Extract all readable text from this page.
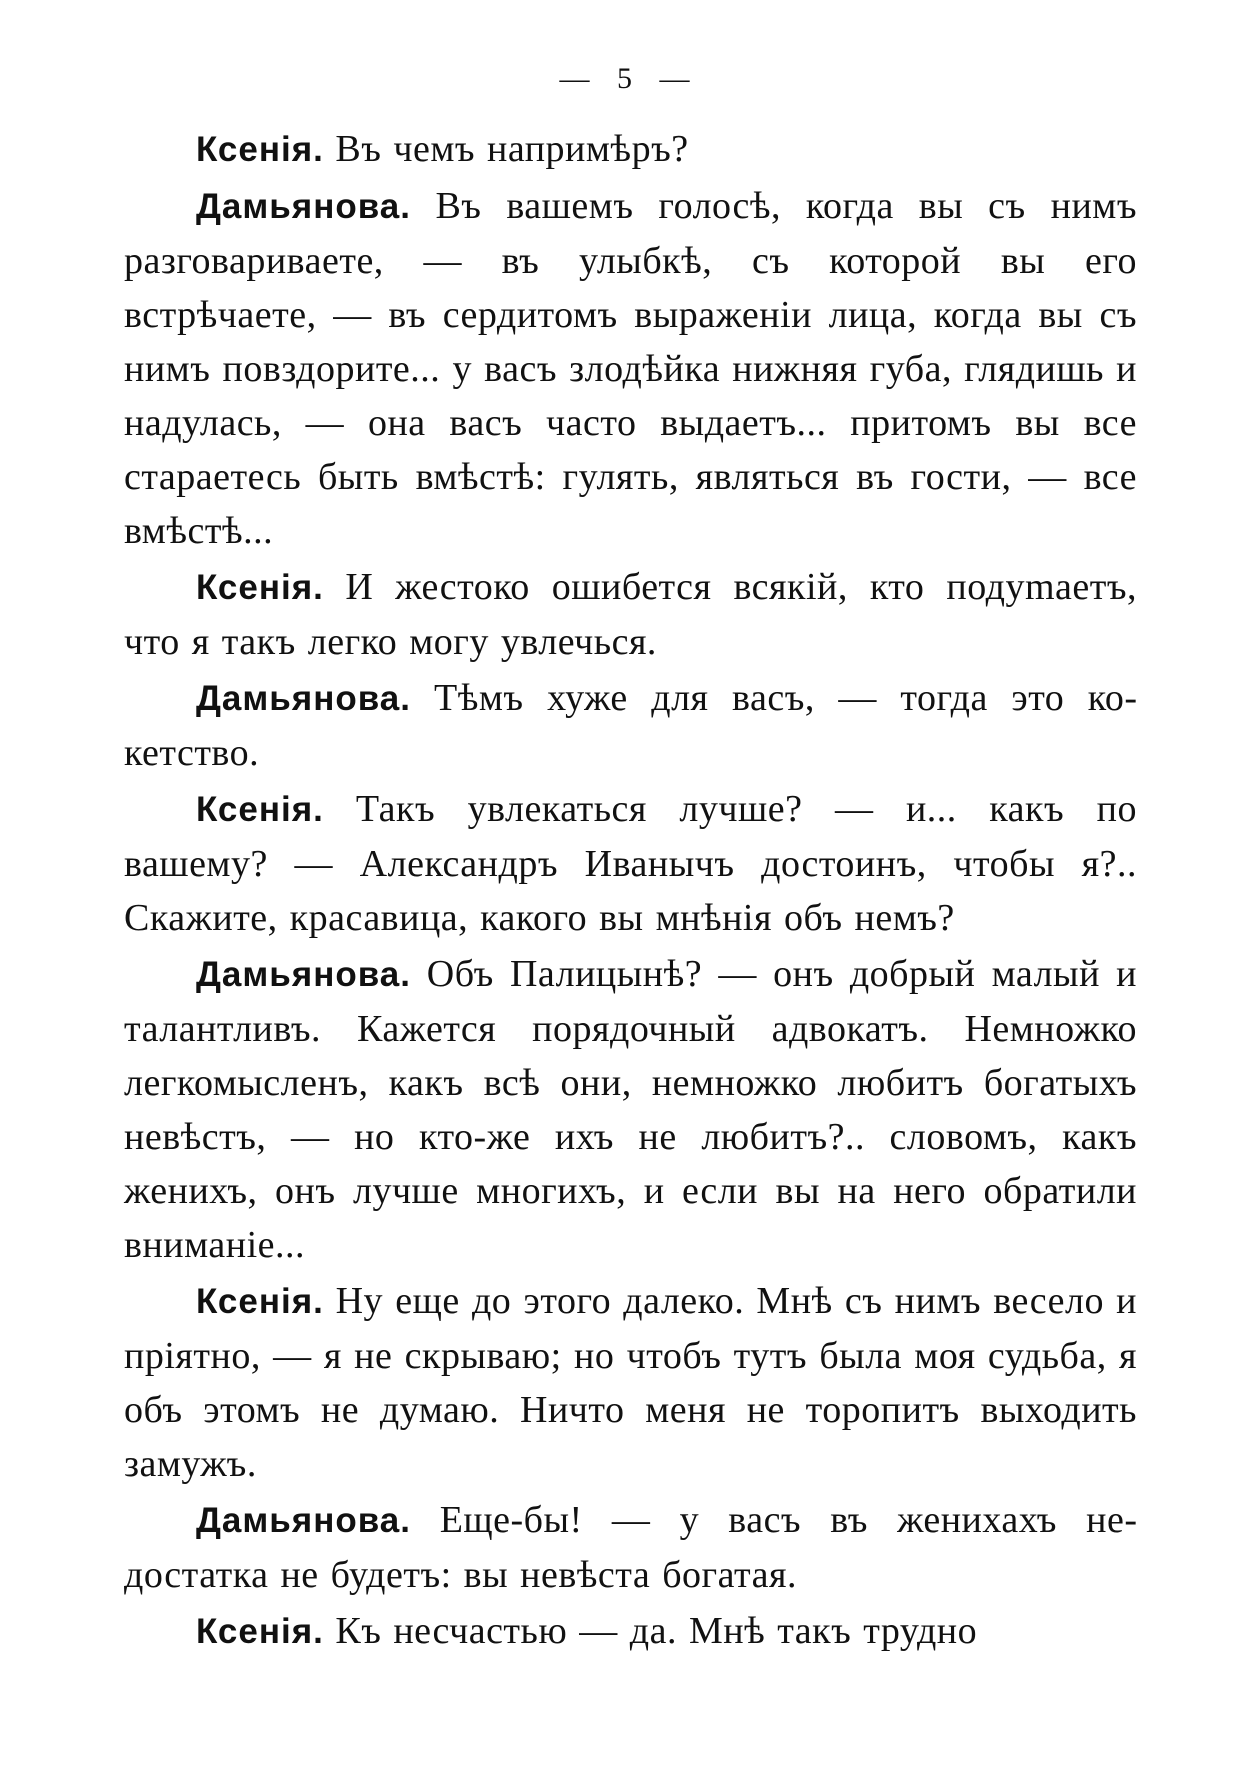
— 5 —

Ксенія. Въ чемъ напримѣръ?

Дамьянова. Въ вашемъ голосѣ, когда вы съ нимъ разговариваете, — въ улыбкѣ, съ которой вы его встрѣчаете, — въ сердитомъ выраженіи лица, когда вы съ нимъ повздорите... у васъ злодѣйка нижняя губа, глядишь и надулась, — она васъ часто выдаетъ... притомъ вы все стараетесь быть вмѣстѣ: гулять, являться въ гости, — все вмѣстѣ...

Ксенія. И жестоко ошибется всякій, кто подуmаетъ, что я такъ легко могу увлечься.

Дамьянова. Тѣмъ хуже для васъ, — тогда это кокетство.

Ксенія. Такъ увлекаться лучше? — и... какъ по вашему? — Александръ Иванычъ достоинъ, чтобы я?.. Скажите, красавица, какого вы мнѣнія объ немъ?

Дамьянова. Объ Палицынѣ? — онъ добрый малый и талантливъ. Кажется порядочный адвокатъ. Немножко легкомысленъ, какъ всѣ они, немножко любитъ богатыхъ невѣстъ, — но кто-же ихъ не любитъ?.. словомъ, какъ женихъ, онъ лучше многихъ, и если вы на него обратили вниманіе...

Ксенія. Ну еще до этого далеко. Мнѣ съ нимъ весело и пріятно, — я не скрываю; но чтобъ тутъ была моя судьба, я объ этомъ не думаю. Ничто меня не торопитъ выходить замужъ.

Дамьянова. Еще-бы! — у васъ въ женихахъ недостатка не будетъ: вы невѣста богатая.

Ксенія. Къ несчастью — да. Мнѣ такъ трудно
